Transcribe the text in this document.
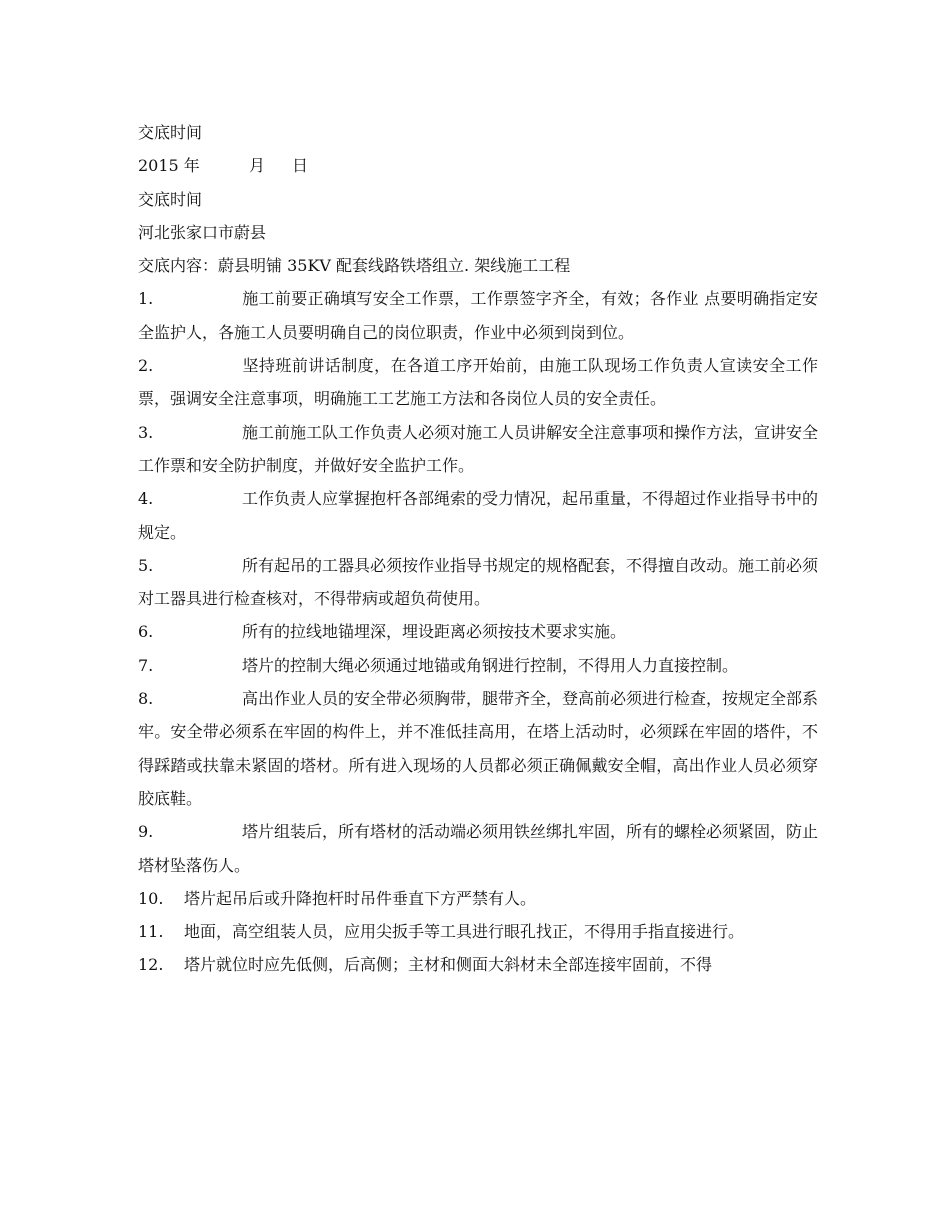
交底时间
2015 年	月 日
交底时间
河北张家口市蔚县
交底内容：蔚县明铺 35KV 配套线路铁塔组立. 架线施工工程
1.	施工前要正确填写安全工作票，工作票签字齐全，有效；各作业 点要明确指定安全监护人，各施工人员要明确自己的岗位职责，作业中必须到岗到位。
2.	坚持班前讲话制度，在各道工序开始前，由施工队现场工作负责人宣读安全工作票，强调安全注意事项，明确施工工艺施工方法和各岗位人员的安全责任。
3.	施工前施工队工作负责人必须对施工人员讲解安全注意事项和操作方法，宣讲安全工作票和安全防护制度，并做好安全监护工作。
4.	工作负责人应掌握抱杆各部绳索的受力情况，起吊重量，不得超过作业指导书中的规定。
5.	所有起吊的工器具必须按作业指导书规定的规格配套，不得擅自改动。施工前必须对工器具进行检查核对，不得带病或超负荷使用。
6.	所有的拉线地锚埋深，埋设距离必须按技术要求实施。
7.	塔片的控制大绳必须通过地锚或角钢进行控制，不得用人力直接控制。
8.	高出作业人员的安全带必须胸带，腿带齐全，登高前必须进行检查，按规定全部系牢。安全带必须系在牢固的构件上，并不准低挂高用，在塔上活动时，必须踩在牢固的塔件，不得踩踏或扶靠未紧固的塔材。所有进入现场的人员都必须正确佩戴安全帽，高出作业人员必须穿胶底鞋。
9.	塔片组装后，所有塔材的活动端必须用铁丝绑扎牢固，所有的螺栓必须紧固，防止塔材坠落伤人。
10. 塔片起吊后或升降抱杆时吊件垂直下方严禁有人。
11. 地面，高空组装人员，应用尖扳手等工具进行眼孔找正，不得用手指直接进行。
12. 塔片就位时应先低侧，后高侧；主材和侧面大斜材未全部连接牢固前，不得
